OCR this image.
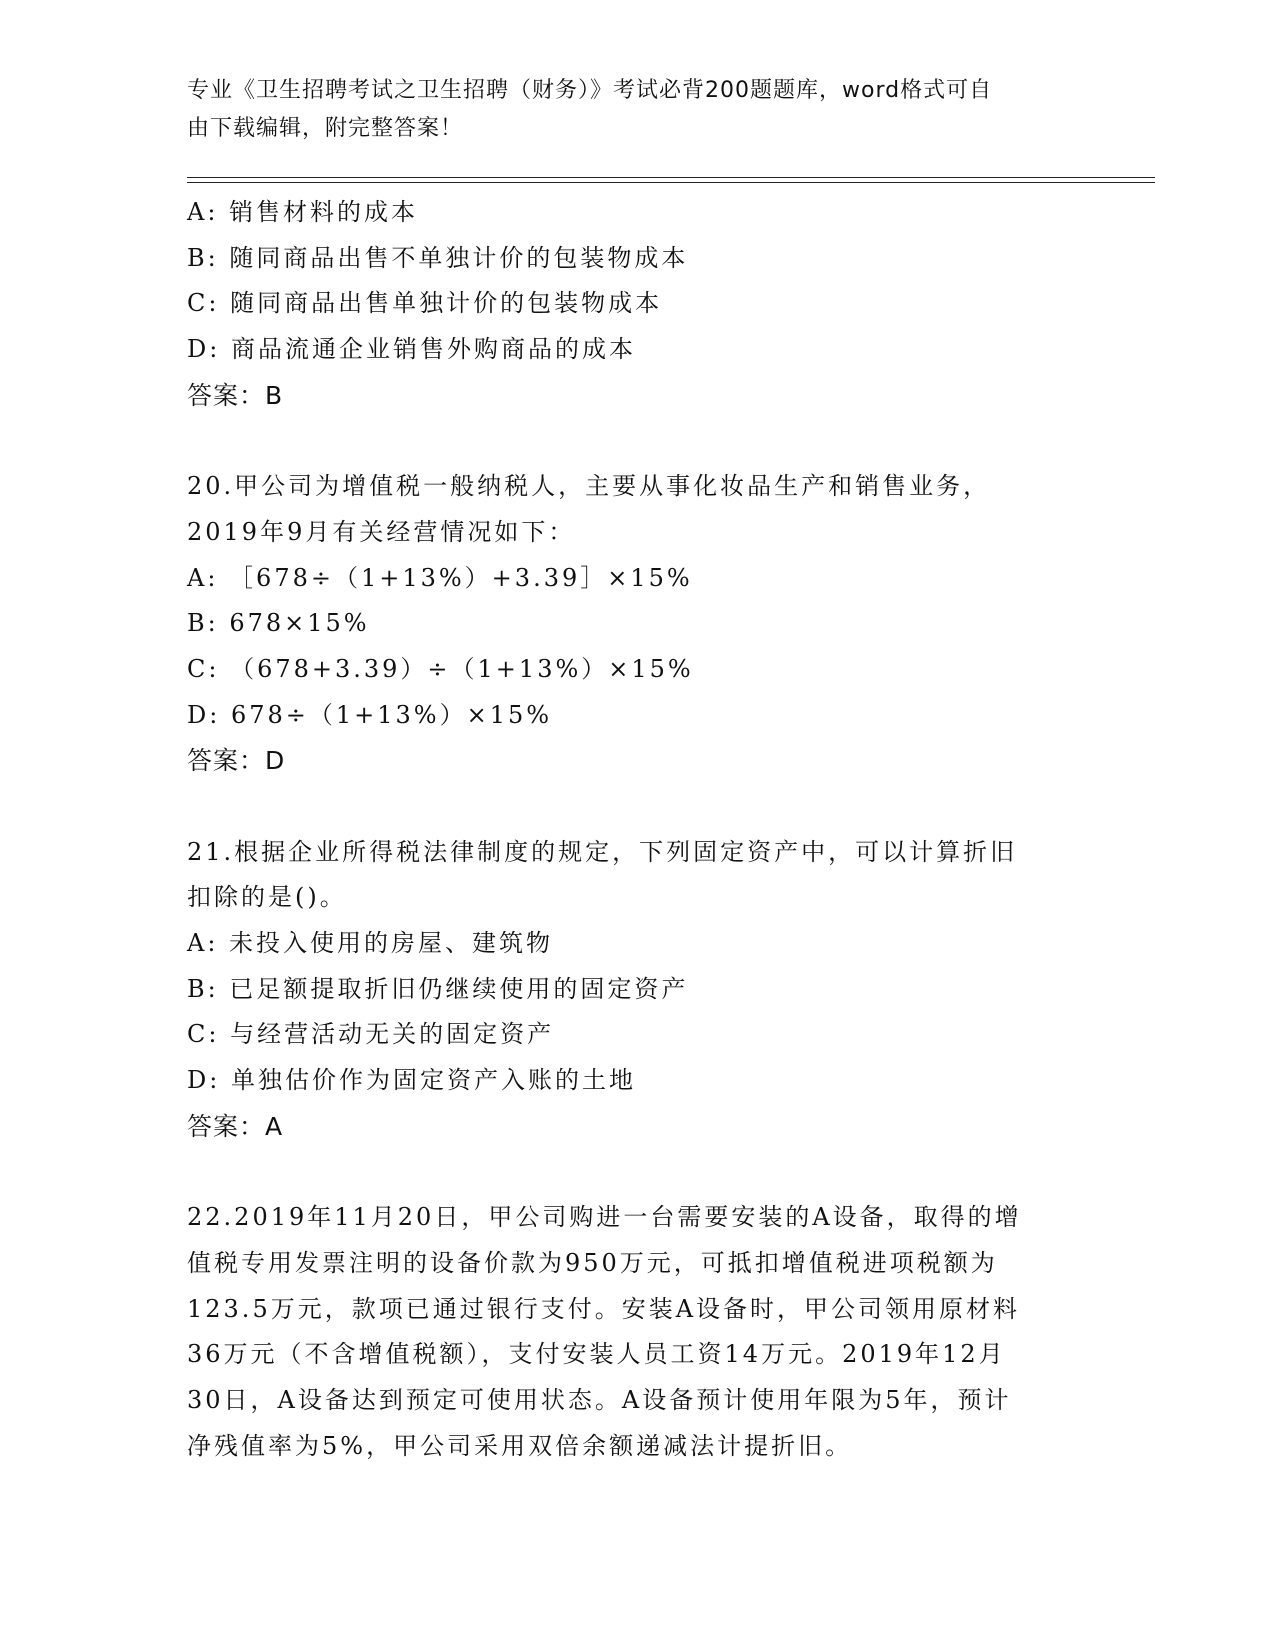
专业《卫生招聘考试之卫生招聘（财务）》考试必背200题题库，word格式可自
由下载编辑，附完整答案！
A: 销售材料的成本
B: 随同商品出售不单独计价的包装物成本
C: 随同商品出售单独计价的包装物成本
D: 商品流通企业销售外购商品的成本
答案：B
20.甲公司为增值税一般纳税人，主要从事化妆品生产和销售业务，
2019年9月有关经营情况如下：
A: ［678÷（1+13%）+3.39］×15%
B: 678×15%
C: （678+3.39）÷（1+13%）×15%
D: 678÷（1+13%）×15%
答案：D
21.根据企业所得税法律制度的规定，下列固定资产中，可以计算折旧
扣除的是()。
A: 未投入使用的房屋、建筑物
B: 已足额提取折旧仍继续使用的固定资产
C: 与经营活动无关的固定资产
D: 单独估价作为固定资产入账的土地
答案：A
22.2019年11月20日，甲公司购进一台需要安装的A设备，取得的增
值税专用发票注明的设备价款为950万元，可抵扣增值税进项税额为
123.5万元，款项已通过银行支付。安装A设备时，甲公司领用原材料
36万元（不含增值税额），支付安装人员工资14万元。2019年12月
30日，A设备达到预定可使用状态。A设备预计使用年限为5年，预计
净残值率为5%，甲公司采用双倍余额递减法计提折旧。
